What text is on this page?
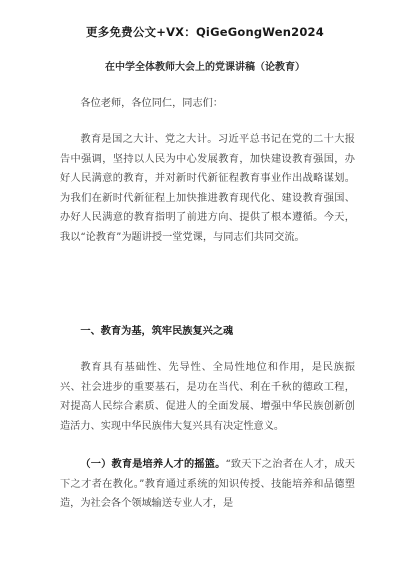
更多免费公文+VX：QiGeGongWen2024

在中学全体教师大会上的党课讲稿（论教育）

各位老师，各位同仁，同志们：

教育是国之大计、党之大计。习近平总书记在党的二十大报告中强调，坚持以人民为中心发展教育，加快建设教育强国，办好人民满意的教育，并对新时代新征程教育事业作出战略谋划。为我们在新时代新征程上加快推进教育现代化、建设教育强国、办好人民满意的教育指明了前进方向、提供了根本遵循。今天，我以“论教育”为题讲授一堂党课，与同志们共同交流。

一、教育为基，筑牢民族复兴之魂

教育具有基础性、先导性、全局性地位和作用，是民族振兴、社会进步的重要基石，是功在当代、利在千秋的德政工程，对提高人民综合素质、促进人的全面发展、增强中华民族创新创造活力、实现中华民族伟大复兴具有决定性意义。

（一）教育是培养人才的摇篮。“致天下之治者在人才，成天下之才者在教化。”教育通过系统的知识传授、技能培养和品德塑造，为社会各个领域输送专业人才，是
